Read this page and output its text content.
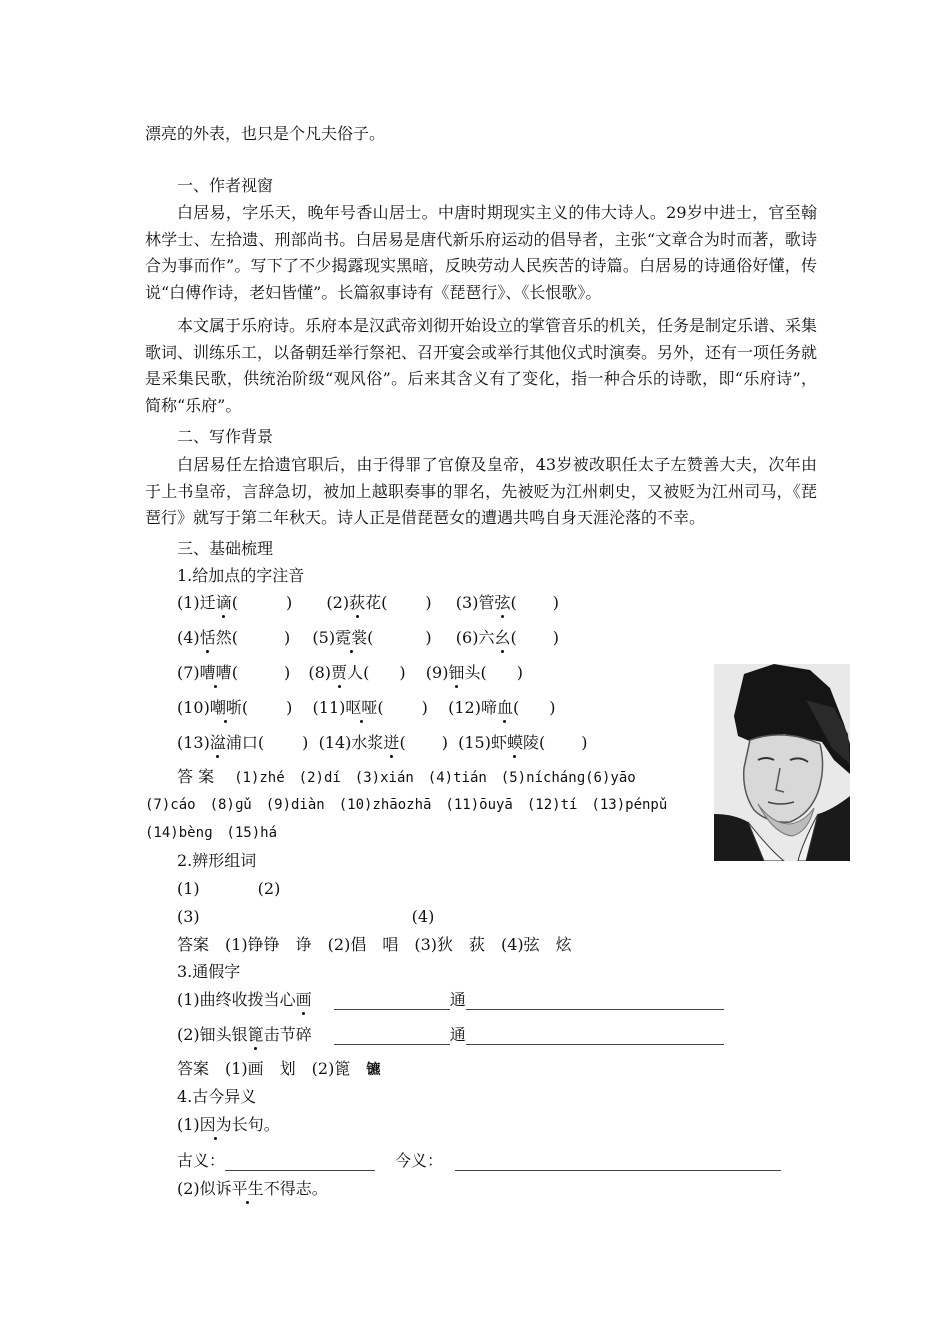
漂亮的外表，也只是个凡夫俗子。
一、作者视窗
白居易，字乐天，晚年号香山居士。中唐时期现实主义的伟大诗人。29岁中进士，官至翰林学士、左拾遗、刑部尚书。白居易是唐代新乐府运动的倡导者，主张“文章合为时而著，歌诗合为事而作”。写下了不少揭露现实黑暗，反映劳动人民疾苦的诗篇。白居易的诗通俗好懂，传说“白傅作诗，老妇皆懂”。长篇叙事诗有《琵琶行》、《长恨歌》。
本文属于乐府诗。乐府本是汉武帝刘彻开始设立的掌管音乐的机关，任务是制定乐谱、采集歌词、训练乐工，以备朝廷举行祭祀、召开宴会或举行其他仪式时演奏。另外，还有一项任务就是采集民歌，供统治阶级“观风俗”。后来其含义有了变化，指一种合乐的诗歌，即“乐府诗”，简称“乐府”。
二、写作背景
白居易任左拾遗官职后，由于得罪了官僚及皇帝，43岁被改职任太子左赞善大夫，次年由于上书皇帝，言辞急切，被加上越职奏事的罪名，先被贬为江州刺史，又被贬为江州司马，《琵琶行》就写于第二年秋天。诗人正是借琵琶女的遭遇共鸣自身天涯沦落的不幸。
三、基础梳理
1.给加点的字注音
(1)迁谪(	) (2)荻花( ) (3)管弦( )
(4)恬然(	) (5)霓裳(	) (6)六幺( )
(7)嘈嘈(	) (8)贾人( ) (9)钿头( )
(10)嘲哳( ) (11)呕哑( ) (12)啼血( )
(13)湓浦口( ) (14)水浆迸( ) (15)虾蟆陵( )
答 案 (1)zhé　(2)dí　(3)xián　(4)tián　(5)níchánɡ(6)yāo
(7)cáo　(8)ɡǔ　(9)diàn　(10)zhāozhā　(11)ōuyā　(12)tí　(13)pénpǔ
(14)bènɡ　(15)há
2.辨形组词
(1)	(2)
(3)	(4)
答案　(1)铮铮　诤　(2)倡　唱　(3)狄　荻　(4)弦　炫
3.通假字
(1)曲终收拨当心画	通
(2)钿头银篦击节碎	通
答案　(1)画　划　(2)篦　镳
4.古今异义
(1)因为长句。
古义：	今义：
(2)似诉平生不得志。
